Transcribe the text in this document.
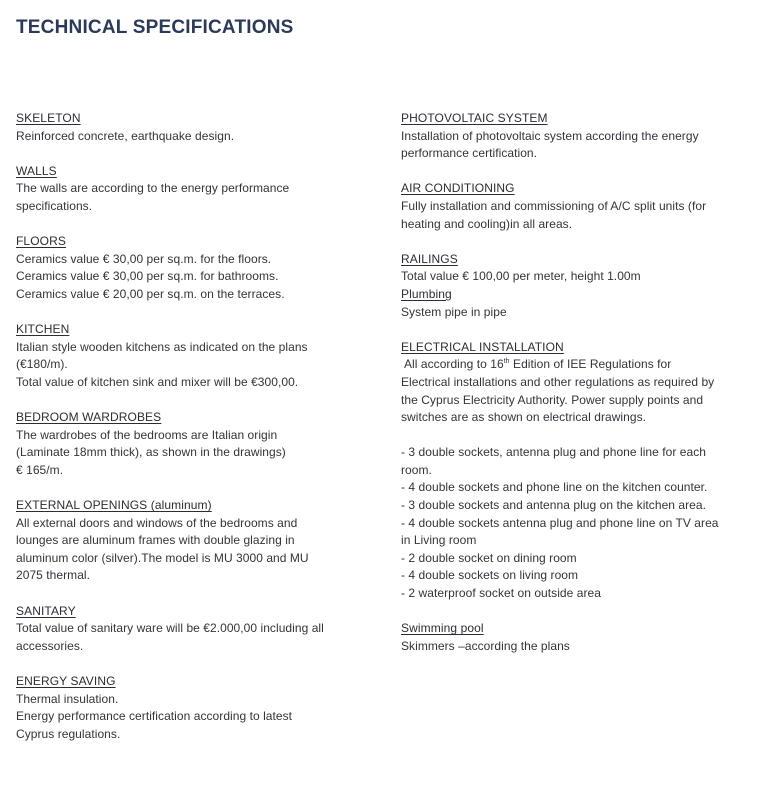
TECHNICAL SPECIFICATIONS
SKELETON
Reinforced concrete, earthquake design.
WALLS
The walls are according to the energy performance
specifications.
FLOORS
Ceramics value € 30,00 per sq.m. for the floors.
Ceramics value € 30,00 per sq.m. for bathrooms.
Ceramics value € 20,00 per sq.m. on the terraces.
KITCHEN
Italian style wooden kitchens as indicated on the plans
(€180/m).
Total value of kitchen sink and mixer will be €300,00.
BEDROOM WARDROBES
The wardrobes of the bedrooms are Italian origin
(Laminate 18mm thick), as shown in the drawings)
€ 165/m.
EXTERNAL OPENINGS (aluminum)
All external doors and windows of the bedrooms and
lounges are aluminum frames with double glazing in
aluminum color (silver).The model is MU 3000 and MU
2075 thermal.
SANITARY
Total value of sanitary ware will be €2.000,00 including all
accessories.
ENERGY SAVING
Thermal insulation.
Energy performance certification according to latest
Cyprus regulations.
PHOTOVOLTAIC SYSTEM
Installation of photovoltaic system according the energy
performance certification.
AIR CONDITIONING
Fully installation and commissioning of A/C split units (for
heating and cooling)in all areas.
RAILINGS
Total value € 100,00 per meter, height 1.00m
Plumbing
System pipe in pipe
ELECTRICAL INSTALLATION
All according to 16th Edition of IEE Regulations for
Electrical installations and other regulations as required by
the Cyprus Electricity Authority. Power supply points and
switches are as shown on electrical drawings.
- 3 double sockets, antenna plug and phone line for each
room.
- 4 double sockets and phone line on the kitchen counter.
- 3 double sockets and antenna plug on the kitchen area.
- 4 double sockets antenna plug and phone line on TV area
in Living room
- 2 double socket on dining room
- 4 double sockets on living room
- 2 waterproof socket on outside area
Swimming pool
Skimmers –according the plans
